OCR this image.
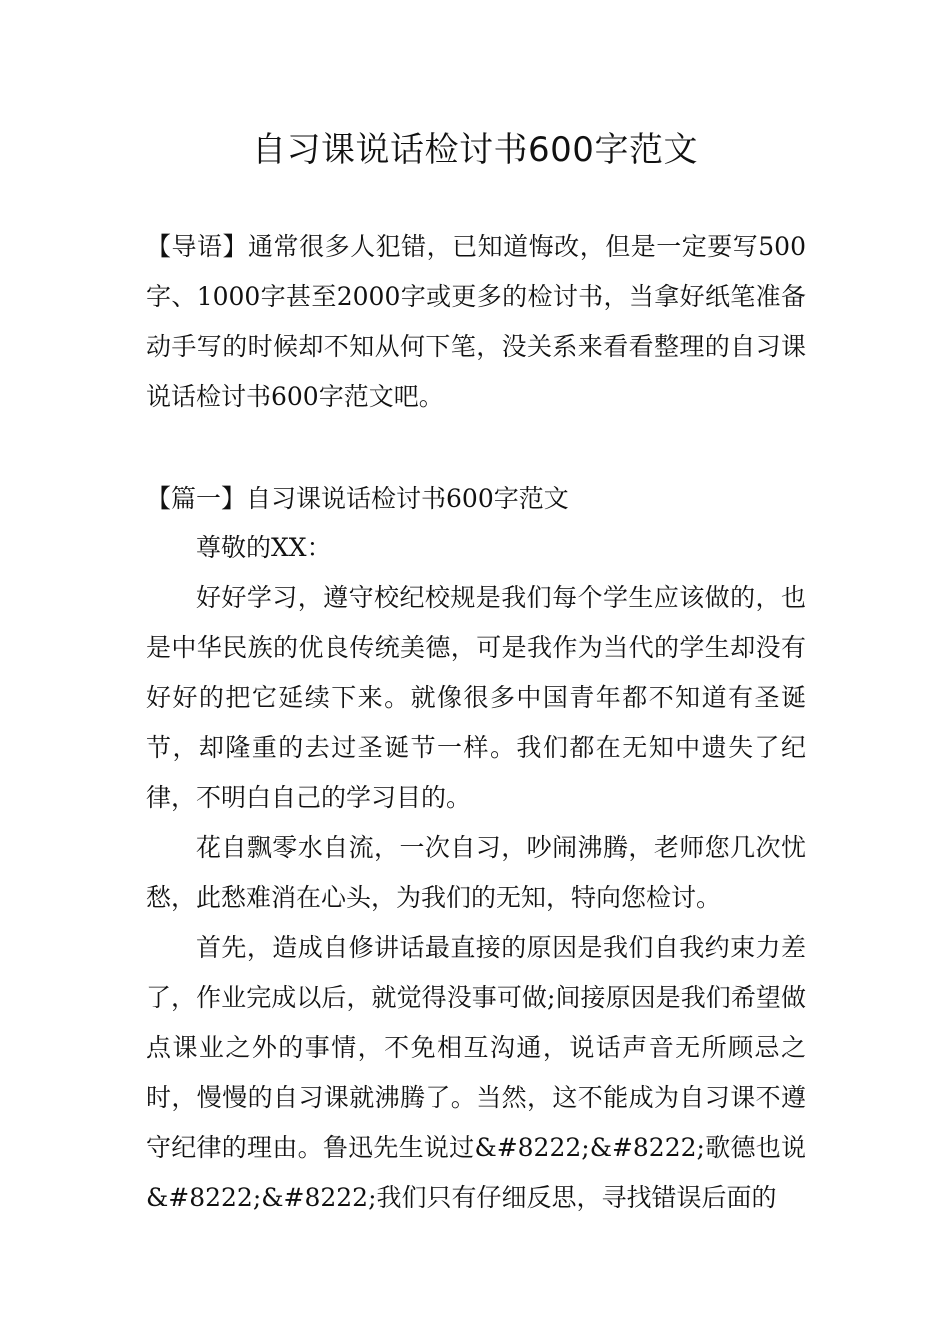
自习课说话检讨书600字范文

【导语】通常很多人犯错，已知道悔改，但是一定要写500字、1000字甚至2000字或更多的检讨书，当拿好纸笔准备动手写的时候却不知从何下笔，没关系来看看整理的自习课说话检讨书600字范文吧。

【篇一】自习课说话检讨书600字范文

尊敬的XX：

好好学习，遵守校纪校规是我们每个学生应该做的，也是中华民族的优良传统美德，可是我作为当代的学生却没有好好的把它延续下来。就像很多中国青年都不知道有圣诞节，却隆重的去过圣诞节一样。我们都在无知中遗失了纪律，不明白自己的学习目的。

花自飘零水自流，一次自习，吵闹沸腾，老师您几次忧愁，此愁难消在心头，为我们的无知，特向您检讨。

首先，造成自修讲话最直接的原因是我们自我约束力差了，作业完成以后，就觉得没事可做;间接原因是我们希望做点课业之外的事情，不免相互沟通，说话声音无所顾忌之时，慢慢的自习课就沸腾了。当然，这不能成为自习课不遵守纪律的理由。鲁迅先生说过&#8222;&#8222;歌德也说&#8222;&#8222;我们只有仔细反思，寻找错误后面的
